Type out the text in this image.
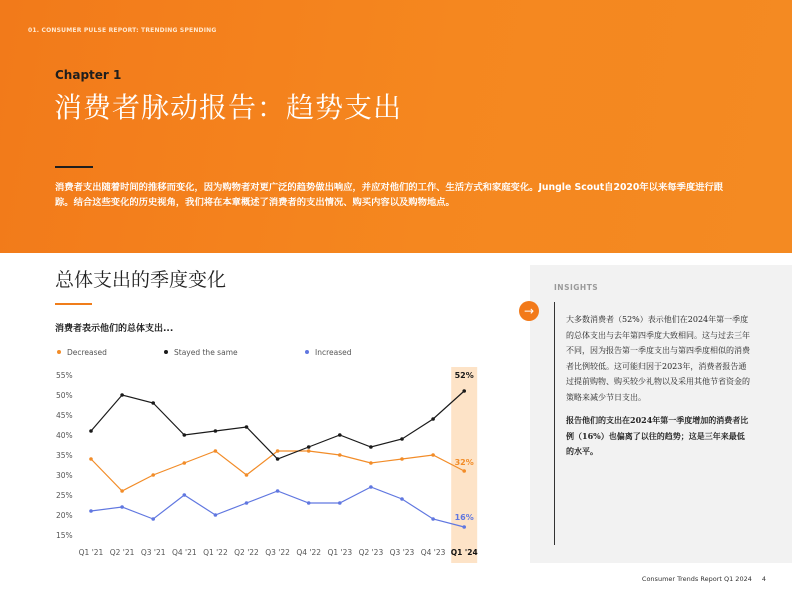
01. CONSUMER PULSE REPORT: TRENDING SPENDING
Chapter 1
消费者脉动报告：趋势支出
消费者支出随着时间的推移而变化，因为购物者对更广泛的趋势做出响应，并应对他们的工作、生活方式和家庭变化。Jungle Scout自2020年以来每季度进行跟踪。结合这些变化的历史视角，我们将在本章概述了消费者的支出情况、购买内容以及购物地点。
总体支出的季度变化
消费者表示他们的总体支出...
Decreased	Stayed the same	Increased
15%
20%
25%
30%
35%
40%
45%
50%
55%
Q1 '21 Q2 '21 Q3 '21 Q4 '21 Q1 '22 Q2 '22 Q3 '22 Q4 '22 Q1 '23 Q2 '23 Q3 '23 Q4 '23 Q1 '24
32%
52%
16%
INSIGHTS
→

大多数消费者（52%）表示他们在2024年第一季度的总体支出与去年第四季度大致相同。这与过去三年不同，因为报告第一季度支出与第四季度相似的消费者比例较低。这可能归因于2023年，消费者报告通过提前购物、购买较少礼物以及采用其他节省资金的策略来减少节日支出。

报告他们的支出在2024年第一季度增加的消费者比例（16%）也偏离了以往的趋势；这是三年来最低的水平。

Consumer Trends Report Q1 2024 4
